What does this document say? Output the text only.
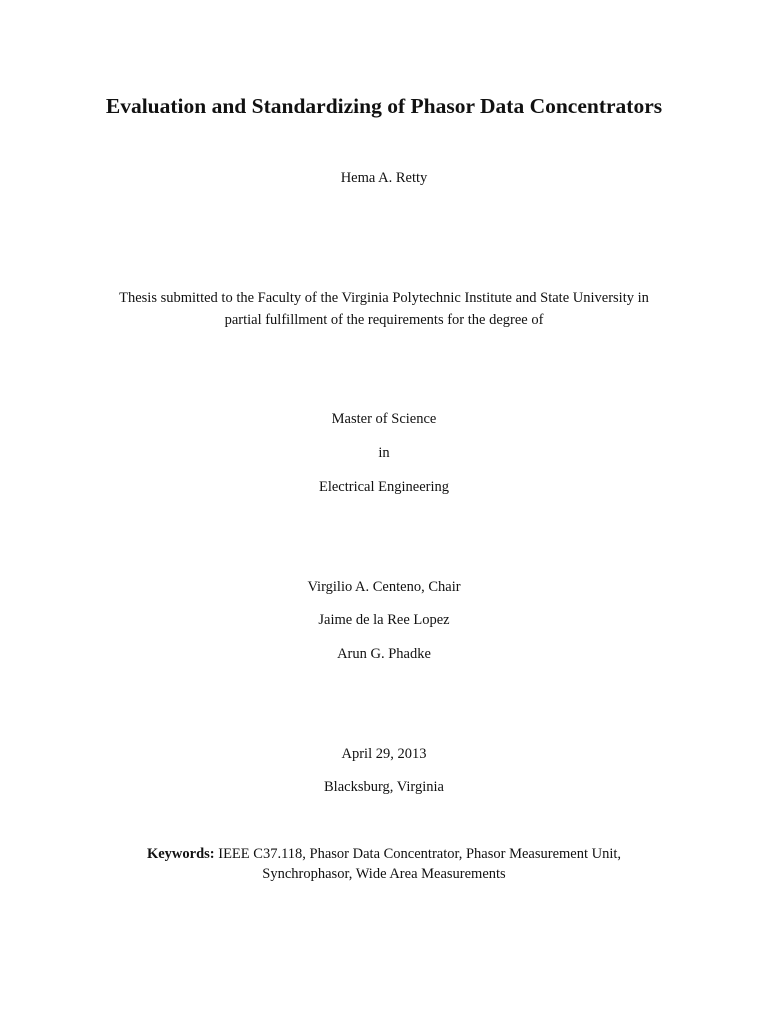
Evaluation and Standardizing of Phasor Data Concentrators
Hema A. Retty
Thesis submitted to the Faculty of the Virginia Polytechnic Institute and State University in
partial fulfillment of the requirements for the degree of
Master of Science
in
Electrical Engineering
Virgilio A. Centeno, Chair
Jaime de la Ree Lopez
Arun G. Phadke
April 29, 2013
Blacksburg, Virginia
Keywords: IEEE C37.118, Phasor Data Concentrator, Phasor Measurement Unit,
Synchrophasor, Wide Area Measurements
